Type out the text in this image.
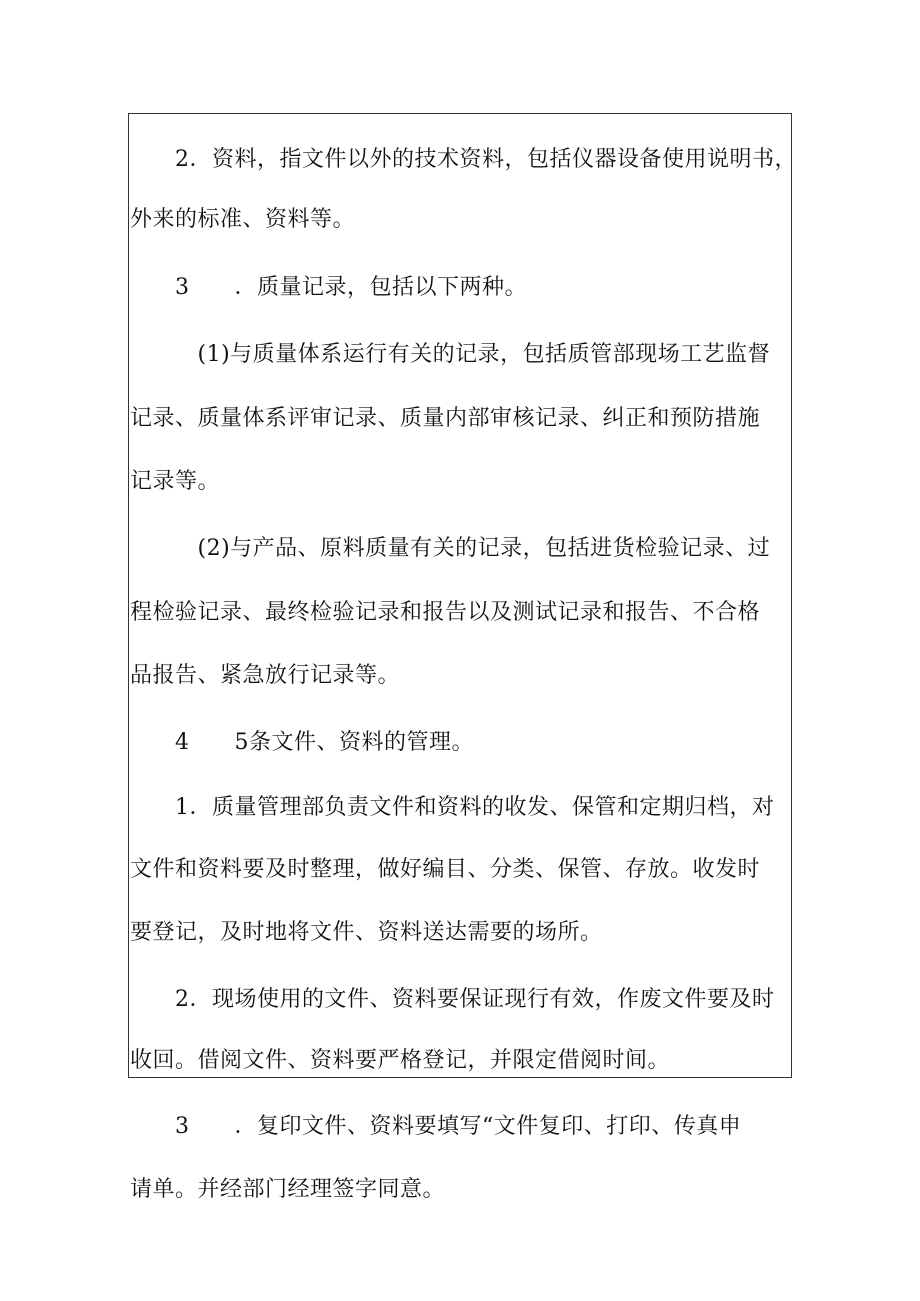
　　2．资料，指文件以外的技术资料，包括仪器设备使用说明书，
外来的标准、资料等。
　　3　　．质量记录，包括以下两种。
　　　(1)与质量体系运行有关的记录，包括质管部现场工艺监督
记录、质量体系评审记录、质量内部审核记录、纠正和预防措施
记录等。
　　　(2)与产品、原料质量有关的记录，包括进货检验记录、过
程检验记录、最终检验记录和报告以及测试记录和报告、不合格
品报告、紧急放行记录等。
　　4　　5条文件、资料的管理。
　　1．质量管理部负责文件和资料的收发、保管和定期归档，对
文件和资料要及时整理，做好编目、分类、保管、存放。收发时
要登记，及时地将文件、资料送达需要的场所。
　　2．现场使用的文件、资料要保证现行有效，作废文件要及时
收回。借阅文件、资料要严格登记，并限定借阅时间。
　　3　　．复印文件、资料要填写“文件复印、打印、传真申
请单。并经部门经理签字同意。
